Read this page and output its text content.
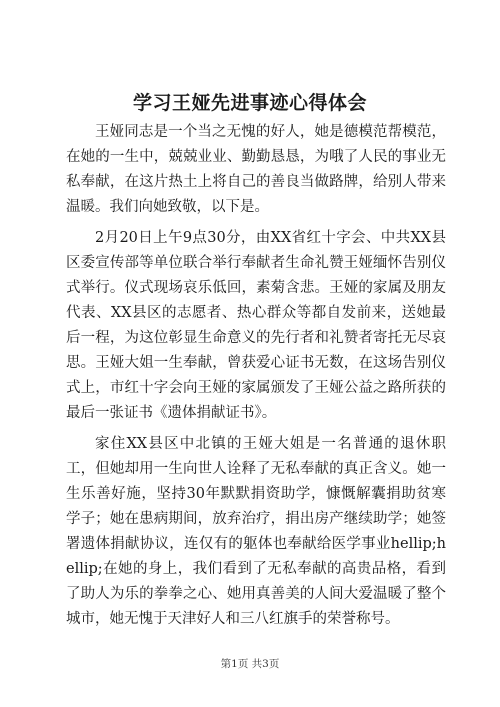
学习王娅先进事迹心得体会

王娅同志是一个当之无愧的好人，她是德模范帮模范，在她的一生中，兢兢业业、勤勤恳恳，为哦了人民的事业无私奉献，在这片热土上将自己的善良当做路牌，给别人带来温暖。我们向她致敬，以下是。

2月20日上午9点30分，由XX省红十字会、中共XX县区委宣传部等单位联合举行奉献者生命礼赞王娅缅怀告别仪式举行。仪式现场哀乐低回，素菊含悲。王娅的家属及朋友代表、XX县区的志愿者、热心群众等都自发前来，送她最后一程，为这位彰显生命意义的先行者和礼赞者寄托无尽哀思。王娅大姐一生奉献，曾获爱心证书无数，在这场告别仪式上，市红十字会向王娅的家属颁发了王娅公益之路所获的最后一张证书《遗体捐献证书》。

家住XX县区中北镇的王娅大姐是一名普通的退休职工，但她却用一生向世人诠释了无私奉献的真正含义。她一生乐善好施，坚持30年默默捐资助学，慷慨解囊捐助贫寒学子；她在患病期间，放弃治疗，捐出房产继续助学；她签署遗体捐献协议，连仅有的躯体也奉献给医学事业hellip;hellip;在她的身上，我们看到了无私奉献的高贵品格，看到了助人为乐的拳拳之心、她用真善美的人间大爱温暖了整个城市，她无愧于天津好人和三八红旗手的荣誉称号。

第1页 共3页
